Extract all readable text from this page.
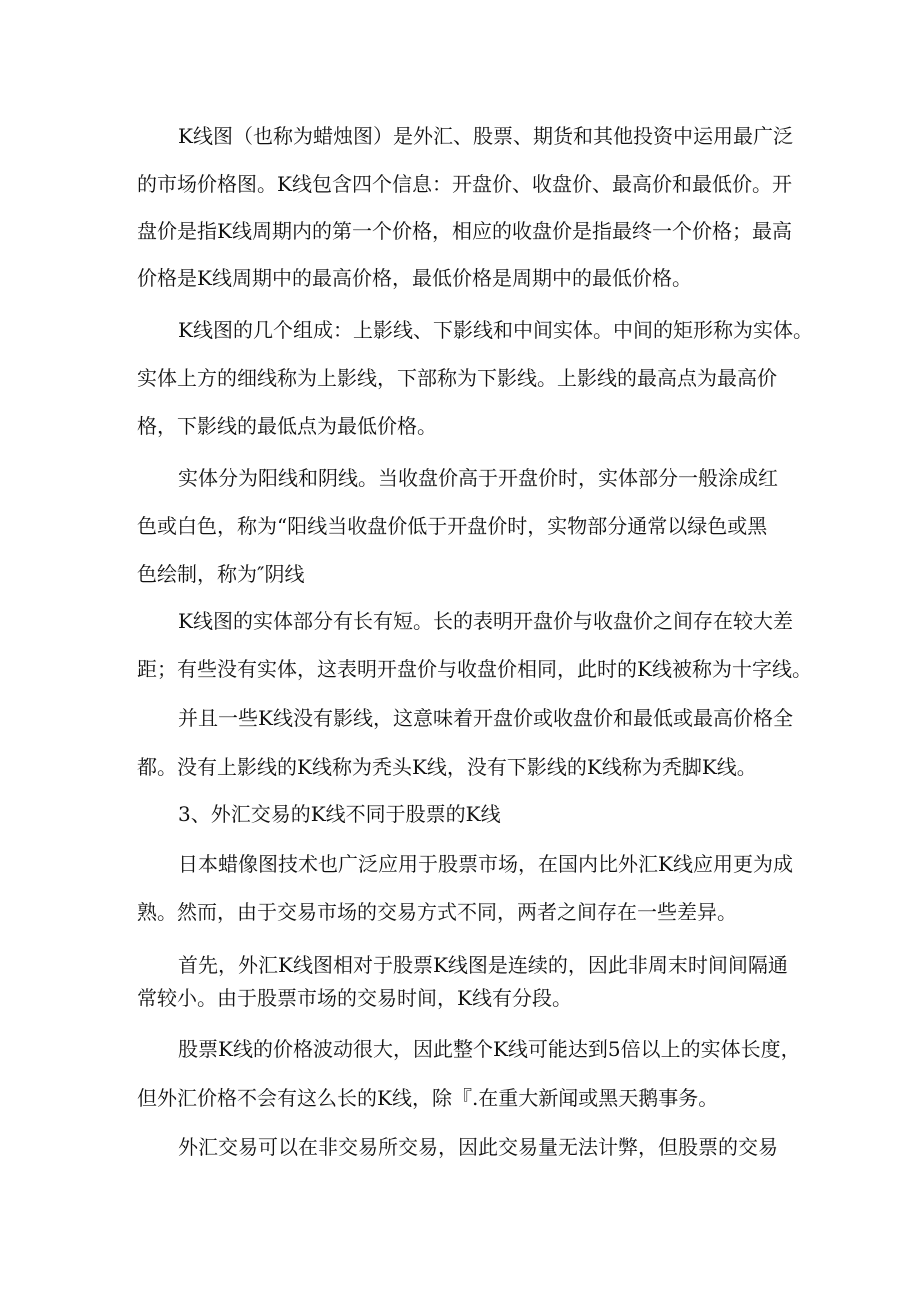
K线图（也称为蜡烛图）是外汇、股票、期货和其他投资中运用最广泛
的市场价格图。K线包含四个信息：开盘价、收盘价、最高价和最低价。开
盘价是指K线周期内的第一个价格，相应的收盘价是指最终一个价格；最高
价格是K线周期中的最高价格，最低价格是周期中的最低价格。
K线图的几个组成：上影线、下影线和中间实体。中间的矩形称为实体。
实体上方的细线称为上影线，下部称为下影线。上影线的最高点为最高价
格，下影线的最低点为最低价格。
实体分为阳线和阴线。当收盘价高于开盘价时，实体部分一般涂成红
色或白色，称为“阳线当收盘价低于开盘价时，实物部分通常以绿色或黑
色绘制，称为″阴线
K线图的实体部分有长有短。长的表明开盘价与收盘价之间存在较大差
距；有些没有实体，这表明开盘价与收盘价相同，此时的K线被称为十字线。
并且一些K线没有影线，这意味着开盘价或收盘价和最低或最高价格全
都。没有上影线的K线称为秃头K线，没有下影线的K线称为秃脚K线。
3、外汇交易的K线不同于股票的K线
日本蜡像图技术也广泛应用于股票市场，在国内比外汇K线应用更为成
熟。然而，由于交易市场的交易方式不同，两者之间存在一些差异。
首先，外汇K线图相对于股票K线图是连续的，因此非周末时间间隔通
常较小。由于股票市场的交易时间，K线有分段。
股票K线的价格波动很大，因此整个K线可能达到5倍以上的实体长度，
但外汇价格不会有这么长的K线，除『.在重大新闻或黑天鹅事务。
外汇交易可以在非交易所交易，因此交易量无法计弊，但股票的交易
